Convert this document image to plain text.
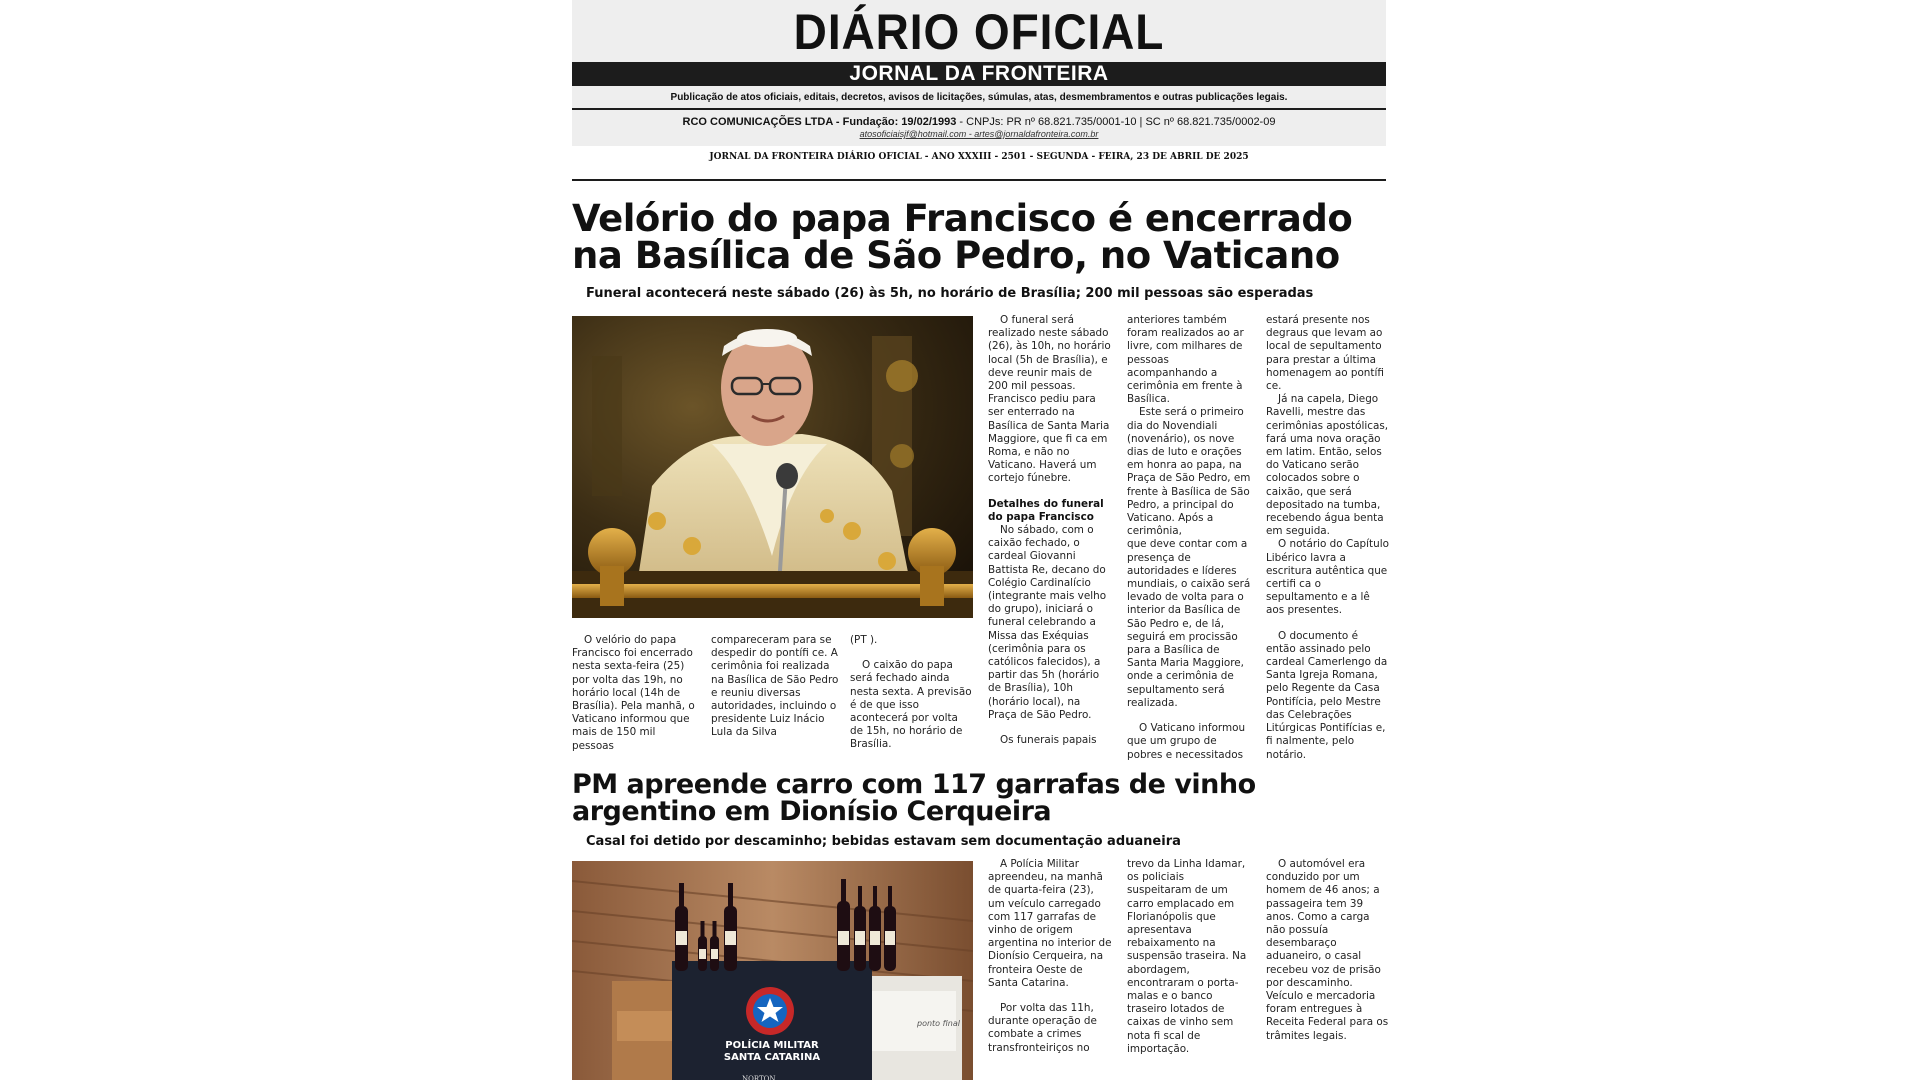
DIÁRIO OFICIAL
JORNAL DA FRONTEIRA
Publicação de atos oficiais, editais, decretos, avisos de licitações, súmulas, atas, desmembramentos e outras publicações legais.
RCO COMUNICAÇÕES LTDA - Fundação: 19/02/1993 - CNPJs: PR nº 68.821.735/0001-10 | SC nº 68.821.735/0002-09
atosoficiaisjf@hotmail.com - artes@jornaldafronteira.com.br
JORNAL DA FRONTEIRA DIÁRIO OFICIAL - ANO XXXIII - 2501 - SEGUNDA - FEIRA, 23 DE ABRIL DE 2025
Velório do papa Francisco é encerrado na Basílica de São Pedro, no Vaticano
Funeral acontecerá neste sábado (26) às 5h, no horário de Brasília; 200 mil pessoas são esperadas

O velório do papa Francisco foi encerrado nesta sexta-feira (25) por volta das 19h, no horário local (14h de Brasília). Pela manhã, o Vaticano informou que mais de 150 mil pessoas

compareceram para se despedir do pontífi ce. A cerimônia foi realizada na Basílica de São Pedro e reuniu diversas autoridades, incluindo o presidente Luiz Inácio Lula da Silva

(PT ).

O caixão do papa será fechado ainda nesta sexta. A previsão é de que isso acontecerá por volta de 15h, no horário de Brasília.

O funeral será realizado neste sábado (26), às 10h, no horário local (5h de Brasília), e deve reunir mais de 200 mil pessoas.

Francisco pediu para ser enterrado na Basílica de Santa Maria Maggiore, que fi ca em Roma, e não no Vaticano. Haverá um cortejo fúnebre.

Detalhes do funeral do papa Francisco

No sábado, com o caixão fechado, o cardeal Giovanni Battista Re, decano do Colégio Cardinalício (integrante mais velho do grupo), iniciará o funeral celebrando a Missa das Exéquias (cerimônia para os católicos falecidos), a partir das 5h (horário de Brasília), 10h (horário local), na Praça de São Pedro.

Os funerais papais

anteriores também foram realizados ao ar livre, com milhares de pessoas acompanhando a cerimônia em frente à Basílica.

Este será o primeiro dia do Novendiali (novenário), os nove dias de luto e orações em honra ao papa, na Praça de São Pedro, em frente à Basílica de São Pedro, a principal do Vaticano. Após a cerimônia,

que deve contar com a presença de autoridades e líderes mundiais, o caixão será levado de volta para o interior da Basílica de São Pedro e, de lá, seguirá em procissão para a Basílica de Santa Maria Maggiore, onde a cerimônia de sepultamento será realizada.

O Vaticano informou que um grupo de pobres e necessitados

estará presente nos degraus que levam ao local de sepultamento para prestar a última homenagem ao pontífi ce.

Já na capela, Diego Ravelli, mestre das cerimônias apostólicas, fará uma nova oração em latim. Então, selos do Vaticano serão colocados sobre o caixão, que será depositado na tumba, recebendo água benta em seguida.

O notário do Capítulo Libérico lavra a escritura autêntica que certifi ca o sepultamento e a lê aos presentes.

O documento é então assinado pelo cardeal Camerlengo da Santa Igreja Romana, pelo Regente da Casa Pontifícia, pelo Mestre das Celebrações Litúrgicas Pontifícias e, fi nalmente, pelo notário.

PM apreende carro com 117 garrafas de vinho argentino em Dionísio Cerqueira
Casal foi detido por descaminho; bebidas estavam sem documentação aduaneira
ponto final
POLÍCIA MILITAR
SANTA CATARINA
NORTON

A Polícia Militar apreendeu, na manhã de quarta-feira (23), um veículo carregado com 117 garrafas de vinho de origem argentina no interior de Dionísio Cerqueira, na fronteira Oeste de Santa Catarina.

Por volta das 11h, durante operação de combate a crimes transfronteiriços no

trevo da Linha Idamar, os policiais suspeitaram de um carro emplacado em Florianópolis que apresentava rebaixamento na suspensão traseira. Na abordagem, encontraram o porta-malas e o banco traseiro lotados de caixas de vinho sem nota fi scal de importação.

O automóvel era conduzido por um homem de 46 anos; a passageira tem 39 anos. Como a carga não possuía desembaraço aduaneiro, o casal recebeu voz de prisão por descaminho. Veículo e mercadoria foram entregues à Receita Federal para os trâmites legais.
